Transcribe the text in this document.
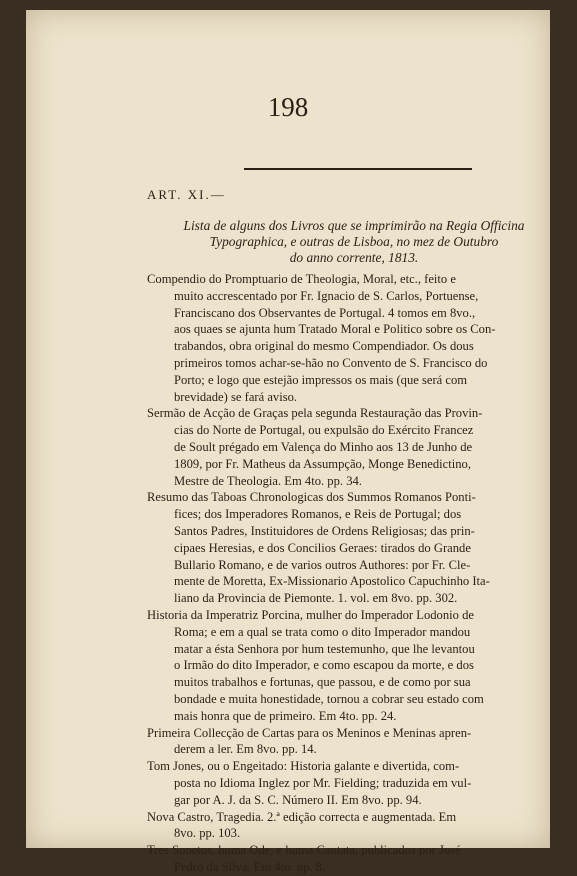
198
ART. XI.—
Lista de alguns dos Livros que se imprimirão na Regia Officina
Typographica, e outras de Lisboa, no mez de Outubro
do anno corrente, 1813.
Compendio do Promptuario de Theologia, Moral, etc., feito e
muito accrescentado por Fr. Ignacio de S. Carlos, Portuense,
Franciscano dos Observantes de Portugal. 4 tomos em 8vo.,
aos quaes se ajunta hum Tratado Moral e Politico sobre os Con-
trabandos, obra original do mesmo Compendiador. Os dous
primeiros tomos achar-se-hão no Convento de S. Francisco do
Porto; e logo que estejão impressos os mais (que será com
brevidade) se fará aviso.
Sermão de Acção de Graças pela segunda Restauração das Provin-
cias do Norte de Portugal, ou expulsão do Exército Francez
de Soult prégado em Valença do Minho aos 13 de Junho de
1809, por Fr. Matheus da Assumpção, Monge Benedictino,
Mestre de Theologia. Em 4to. pp. 34.
Resumo das Taboas Chronologicas dos Summos Romanos Ponti-
fices; dos Imperadores Romanos, e Reis de Portugal; dos
Santos Padres, Instituidores de Ordens Religiosas; das prin-
cipaes Heresias, e dos Concilios Geraes: tirados do Grande
Bullario Romano, e de varios outros Authores: por Fr. Cle-
mente de Moretta, Ex-Missionario Apostolico Capuchinho Ita-
liano da Provincia de Piemonte. 1. vol. em 8vo. pp. 302.
Historia da Imperatriz Porcina, mulher do Imperador Lodonio de
Roma; e em a qual se trata como o dito Imperador mandou
matar a ésta Senhora por hum testemunho, que lhe levantou
o Irmão do dito Imperador, e como escapou da morte, e dos
muitos trabalhos e fortunas, que passou, e de como por sua
bondade e muita honestidade, tornou a cobrar seu estado com
mais honra que de primeiro. Em 4to. pp. 24.
Primeira Collecção de Cartas para os Meninos e Meninas apren-
derem a ler. Em 8vo. pp. 14.
Tom Jones, ou o Engeitado: Historia galante e divertida, com-
posta no Idioma Inglez por Mr. Fielding; traduzida em vul-
gar por A. J. da S. C. Número II. Em 8vo. pp. 94.
Nova Castro, Tragedia. 2.ª edição correcta e augmentada. Em
8vo. pp. 103.
Tres Sonetos, huma Ode, e huma Cantata, publicados por José
Pedro da Silva. Em 4to. pp. 8.
